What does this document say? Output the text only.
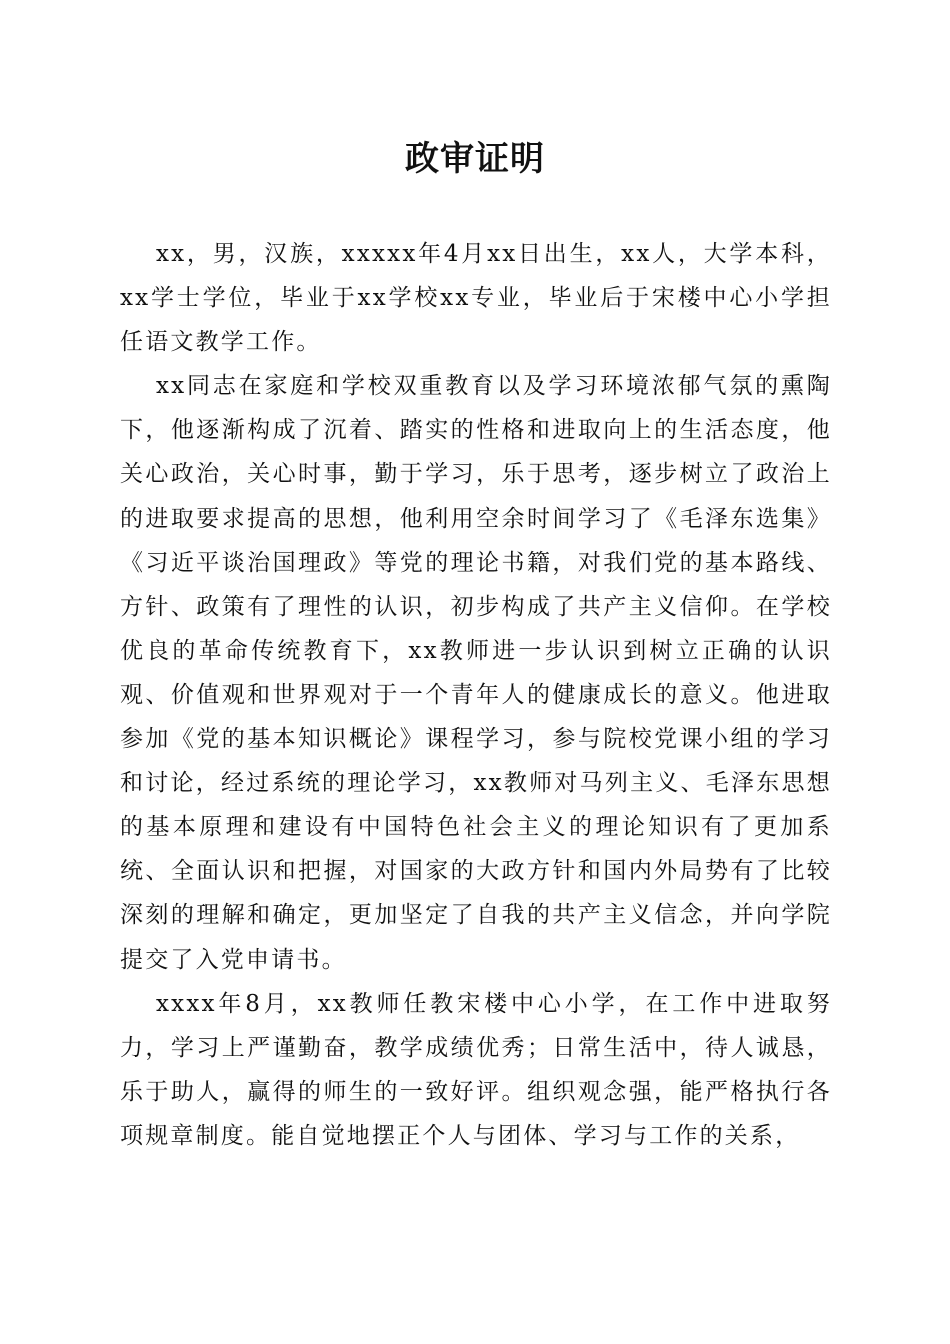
政审证明

xx，男，汉族，xxxxx年4月xx日出生，xx人，大学本科，xx学士学位，毕业于xx学校xx专业，毕业后于宋楼中心小学担任语文教学工作。

xx同志在家庭和学校双重教育以及学习环境浓郁气氛的熏陶下，他逐渐构成了沉着、踏实的性格和进取向上的生活态度，他关心政治，关心时事，勤于学习，乐于思考，逐步树立了政治上的进取要求提高的思想，他利用空余时间学习了《毛泽东选集》《习近平谈治国理政》等党的理论书籍，对我们党的基本路线、方针、政策有了理性的认识，初步构成了共产主义信仰。在学校优良的革命传统教育下，xx教师进一步认识到树立正确的认识观、价值观和世界观对于一个青年人的健康成长的意义。他进取参加《党的基本知识概论》课程学习，参与院校党课小组的学习和讨论，经过系统的理论学习，xx教师对马列主义、毛泽东思想的基本原理和建设有中国特色社会主义的理论知识有了更加系统、全面认识和把握，对国家的大政方针和国内外局势有了比较深刻的理解和确定，更加坚定了自我的共产主义信念，并向学院提交了入党申请书。

xxxx年8月，xx教师任教宋楼中心小学，在工作中进取努力，学习上严谨勤奋，教学成绩优秀；日常生活中，待人诚恳，乐于助人，赢得的师生的一致好评。组织观念强，能严格执行各项规章制度。能自觉地摆正个人与团体、学习与工作的关系，
